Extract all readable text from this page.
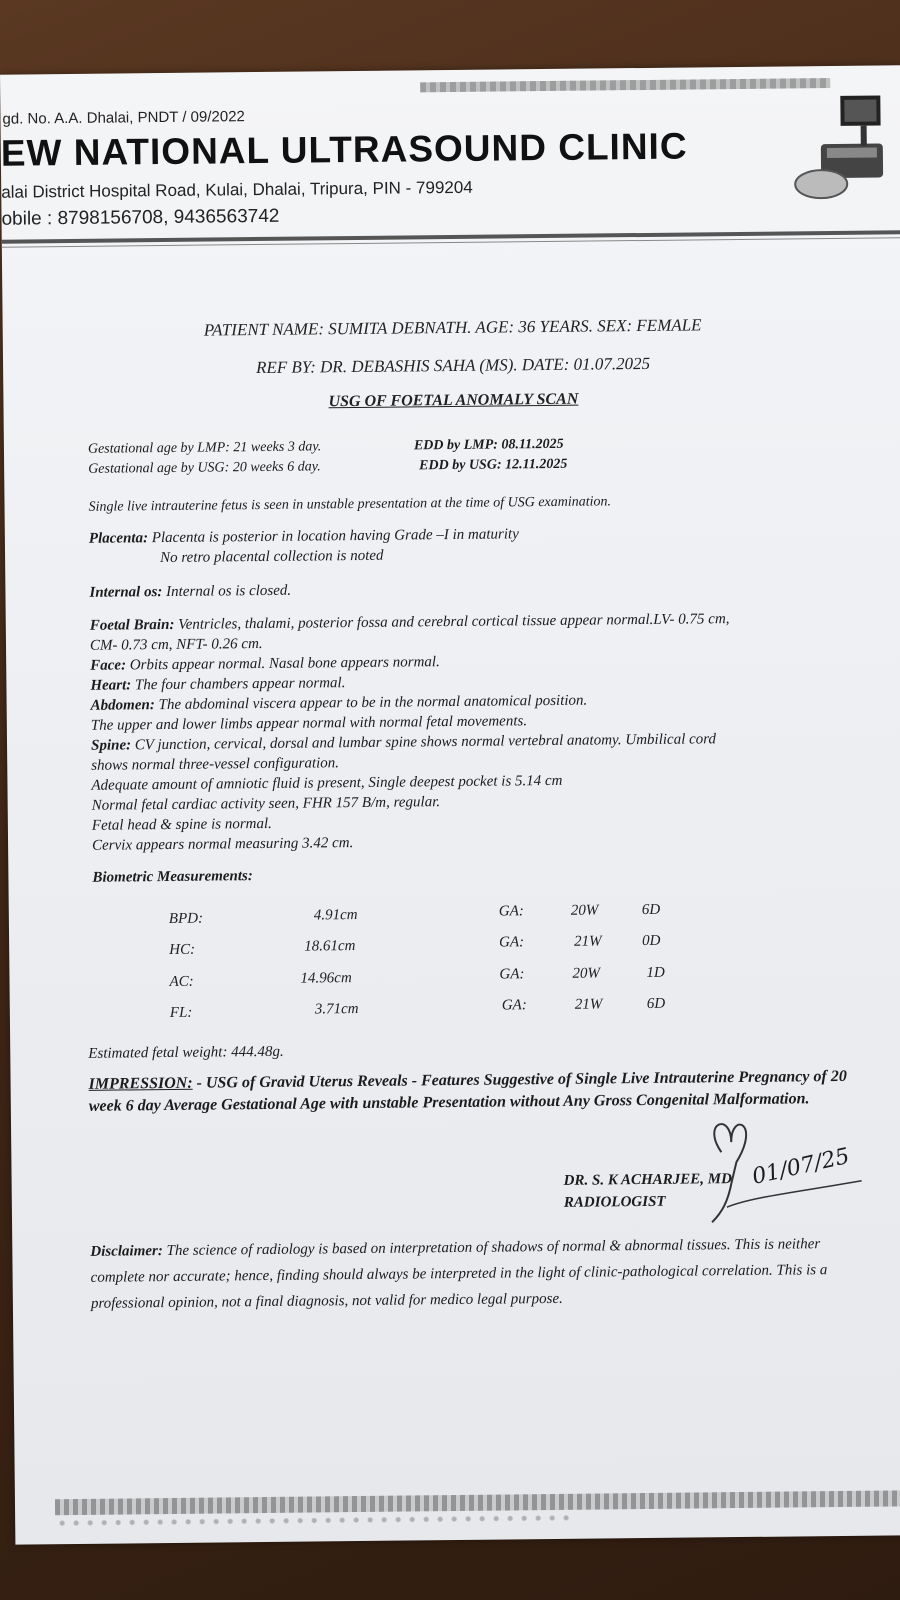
gd. No. A.A. Dhalai, PNDT / 09/2022
EW NATIONAL ULTRASOUND CLINIC
alai District Hospital Road, Kulai, Dhalai, Tripura, PIN - 799204
obile : 8798156708, 9436563742
PATIENT NAME: SUMITA DEBNATH. AGE: 36 YEARS. SEX: FEMALE
REF BY: DR. DEBASHIS SAHA (MS). DATE: 01.07.2025
USG OF FOETAL ANOMALY SCAN
Gestational age by LMP: 21 weeks 3 day.	EDD by LMP: 08.11.2025
Gestational age by USG: 20 weeks 6 day.	EDD by USG: 12.11.2025
Single live intrauterine fetus is seen in unstable presentation at the time of USG examination.
Placenta: Placenta is posterior in location having Grade –I in maturity
No retro placental collection is noted
Internal os: Internal os is closed.
Foetal Brain: Ventricles, thalami, posterior fossa and cerebral cortical tissue appear normal.LV- 0.75 cm,
CM- 0.73 cm, NFT- 0.26 cm.
Face: Orbits appear normal. Nasal bone appears normal.
Heart: The four chambers appear normal.
Abdomen: The abdominal viscera appear to be in the normal anatomical position.
The upper and lower limbs appear normal with normal fetal movements.
Spine: CV junction, cervical, dorsal and lumbar spine shows normal vertebral anatomy. Umbilical cord
shows normal three-vessel configuration.
Adequate amount of amniotic fluid is present, Single deepest pocket is 5.14 cm
Normal fetal cardiac activity seen, FHR 157 B/m, regular.
Fetal head & spine is normal.
Cervix appears normal measuring 3.42 cm.
Biometric Measurements:
BPD:	4.91cm	GA:	20W	6D
HC:	18.61cm	GA:	21W	0D
AC:	14.96cm	GA:	20W	1D
FL:	3.71cm	GA:	21W	6D
Estimated fetal weight: 444.48g.
IMPRESSION: - USG of Gravid Uterus Reveals - Features Suggestive of Single Live Intrauterine Pregnancy of 20 week 6 day Average Gestational Age with unstable Presentation without Any Gross Congenital Malformation.
DR. S. K ACHARJEE, MD
RADIOLOGIST
01/07/25
Disclaimer: The science of radiology is based on interpretation of shadows of normal & abnormal tissues. This is neither complete nor accurate; hence, finding should always be interpreted in the light of clinic-pathological correlation. This is a professional opinion, not a final diagnosis, not valid for medico legal purpose.
